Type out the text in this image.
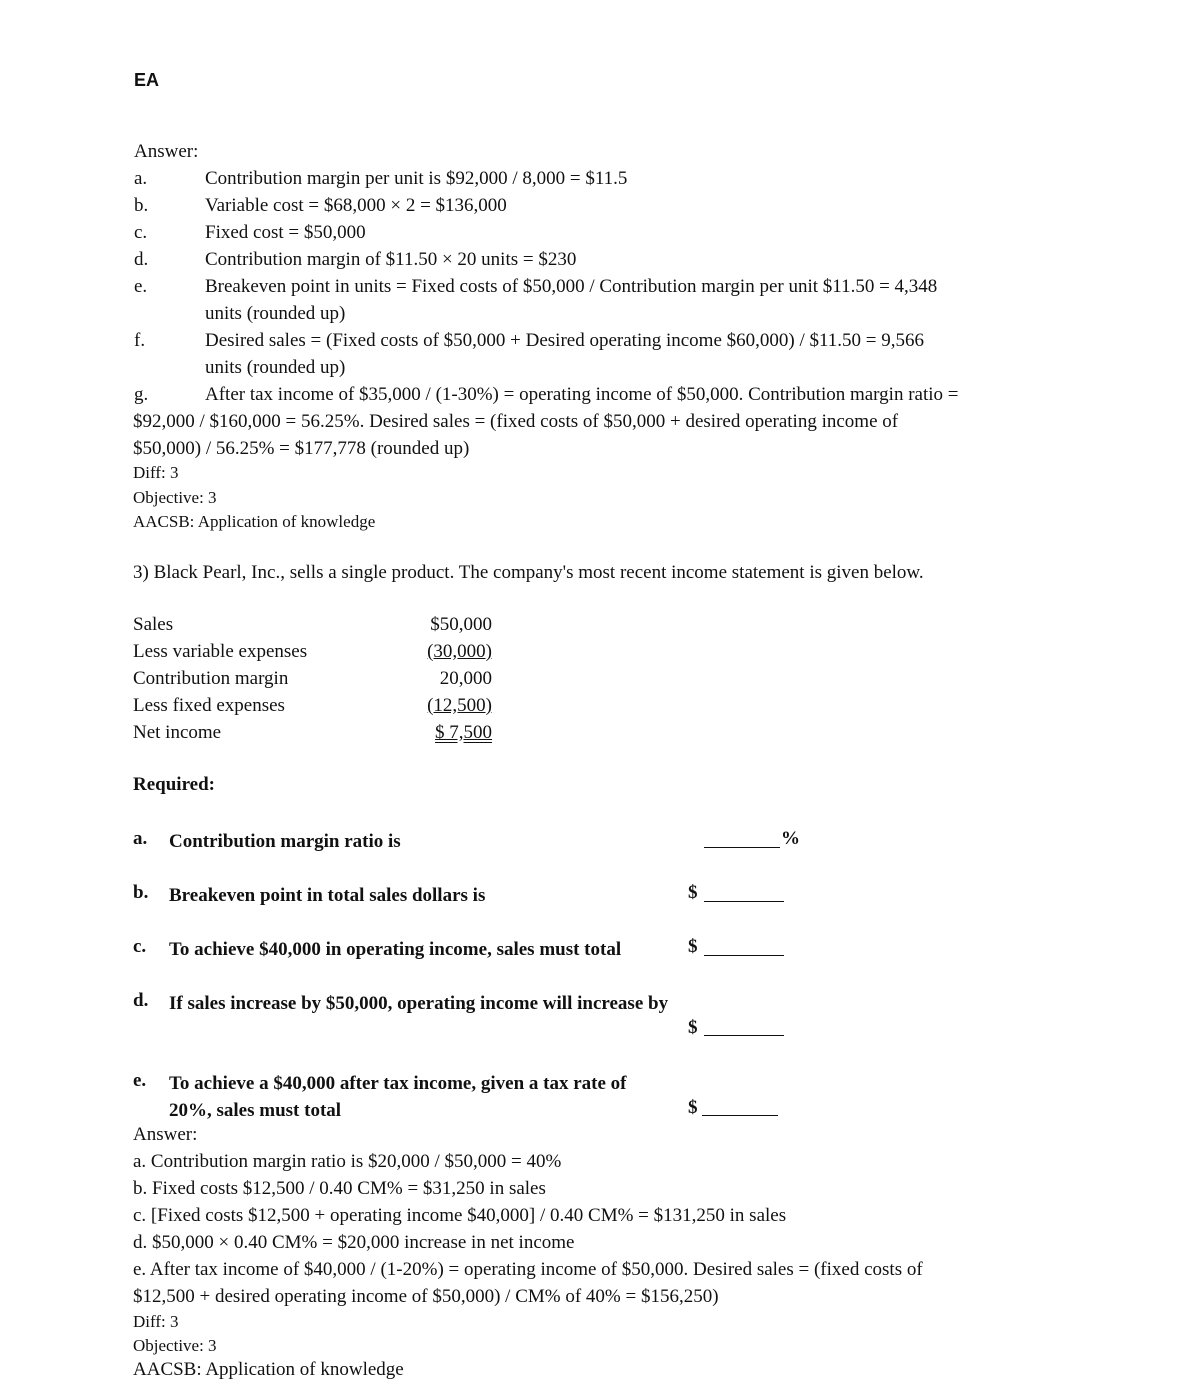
EA
Answer:
a.	Contribution margin per unit is $92,000 / 8,000 = $11.5
b.	Variable cost = $68,000 × 2 = $136,000
c.	Fixed cost = $50,000
d.	Contribution margin of $11.50 × 20 units = $230
e.	Breakeven point in units = Fixed costs of $50,000 / Contribution margin per unit $11.50 = 4,348
units (rounded up)
f.	Desired sales = (Fixed costs of $50,000 + Desired operating income $60,000) / $11.50 = 9,566
units (rounded up)
g.	After tax income of $35,000 / (1-30%) = operating income of $50,000. Contribution margin ratio =
$92,000 / $160,000 = 56.25%. Desired sales = (fixed costs of $50,000 + desired operating income of
$50,000) / 56.25% = $177,778 (rounded up)
Diff: 3
Objective: 3
AACSB: Application of knowledge
3) Black Pearl, Inc., sells a single product. The company's most recent income statement is given below.
Sales	$50,000
Less variable expenses	(30,000)
Contribution margin	20,000
Less fixed expenses	(12,500)
Net income	$ 7,500
Required:
a. Contribution margin ratio is	%
b. Breakeven point in total sales dollars is	$
c. To achieve $40,000 in operating income, sales must total	$
d. If sales increase by $50,000, operating income will increase by
$
e. To achieve a $40,000 after tax income, given a tax rate of 20%, sales must total	$
Answer:
a. Contribution margin ratio is $20,000 / $50,000 = 40%
b. Fixed costs $12,500 / 0.40 CM% = $31,250 in sales
c. [Fixed costs $12,500 + operating income $40,000] / 0.40 CM% = $131,250 in sales
d. $50,000 × 0.40 CM% = $20,000 increase in net income
e. After tax income of $40,000 / (1-20%) = operating income of $50,000. Desired sales = (fixed costs of
$12,500 + desired operating income of $50,000) / CM% of 40% = $156,250)
Diff: 3
Objective: 3
AACSB: Application of knowledge
